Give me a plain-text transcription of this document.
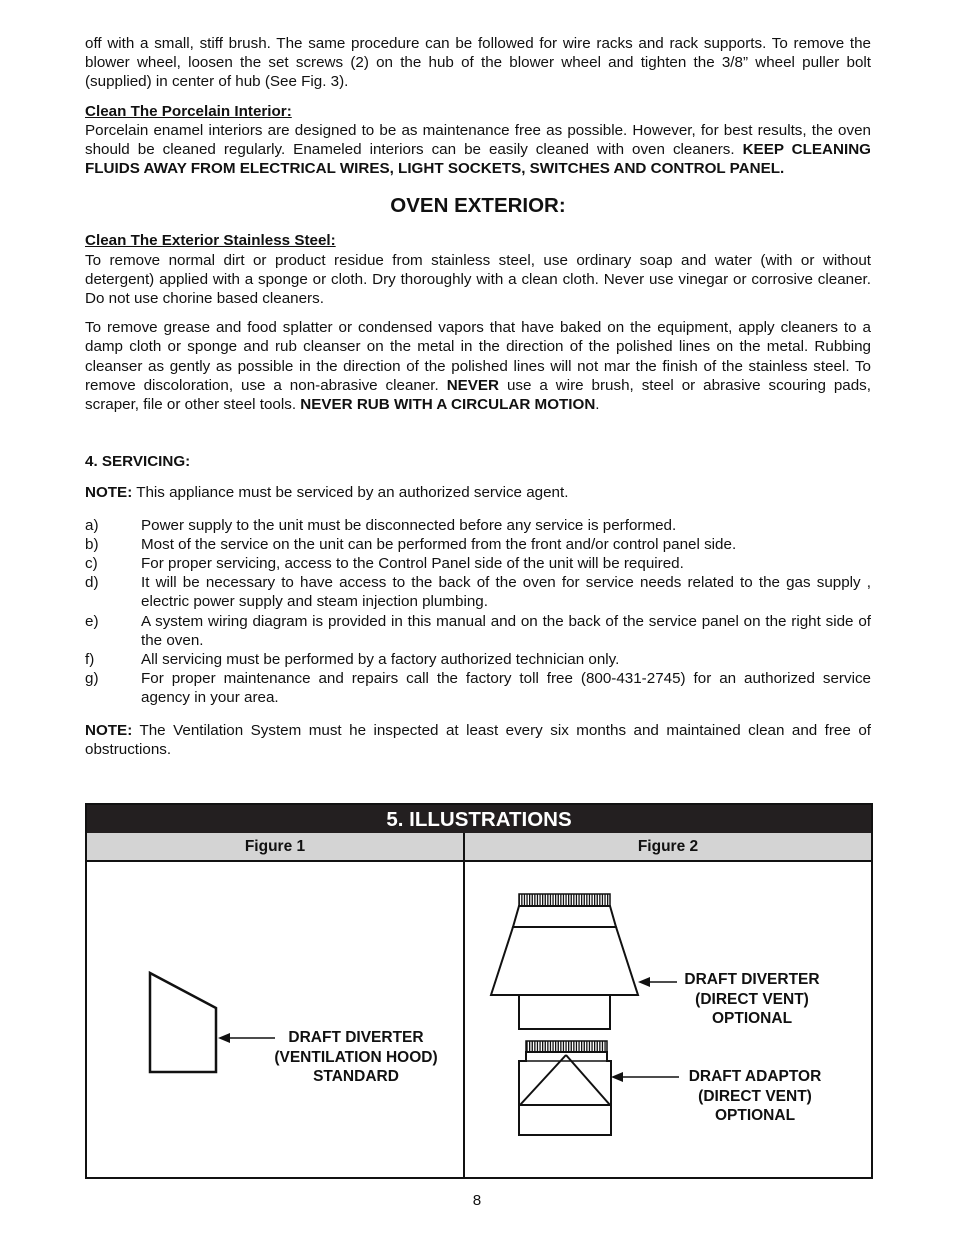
off with a small, stiff brush. The same procedure can be followed for wire racks and rack supports. To remove the blower wheel, loosen the set screws (2) on the hub of the blower wheel and tighten the 3/8” wheel puller bolt (supplied) in center of hub (See Fig. 3).

Clean The Porcelain Interior:

Porcelain enamel interiors are designed to be as maintenance free as possible. However, for best results, the oven should be cleaned regularly. Enameled interiors can be easily cleaned with oven cleaners. KEEP CLEANING FLUIDS AWAY FROM ELECTRICAL WIRES, LIGHT SOCKETS, SWITCHES AND CONTROL PANEL.

OVEN EXTERIOR:

Clean The Exterior Stainless Steel:

To remove normal dirt or product residue from stainless steel, use ordinary soap and water (with or without detergent) applied with a sponge or cloth. Dry thoroughly with a clean cloth. Never use vinegar or corrosive cleaner. Do not use chorine based cleaners.

To remove grease and food splatter or condensed vapors that have baked on the equipment, apply cleaners to a damp cloth or sponge and rub cleanser on the metal in the direction of the polished lines on the metal. Rubbing cleanser as gently as possible in the direction of the polished lines will not mar the finish of the stainless steel. To remove discoloration, use a non-abrasive cleaner. NEVER use a wire brush, steel or abrasive scouring pads, scraper, file or other steel tools. NEVER RUB WITH A CIRCULAR MOTION.

4. SERVICING:

NOTE: This appliance must be serviced by an authorized service agent.

a)	Power supply to the unit must be disconnected before any service is performed.
b)	Most of the service on the unit can be performed from the front and/or control panel side.
c)	For proper servicing, access to the Control Panel side of the unit will be required.
d)	It will be necessary to have access to the back of the oven for service needs related to the gas supply , electric power supply and steam injection plumbing.
e)	A system wiring diagram is provided in this manual and on the back of the service panel on the right side of the oven.
f)	All servicing must be performed by a factory authorized technician only.
g)	For proper maintenance and repairs call the factory toll free (800-431-2745) for an authorized service agency in your area.

NOTE: The Ventilation System must he inspected at least every six months and maintained clean and free of obstructions.

5. ILLUSTRATIONS
Figure 1	Figure 2
DRAFT DIVERTER
(VENTILATION HOOD)
STANDARD
DRAFT DIVERTER
(DIRECT VENT)
OPTIONAL
DRAFT ADAPTOR
(DIRECT VENT)
OPTIONAL
8
